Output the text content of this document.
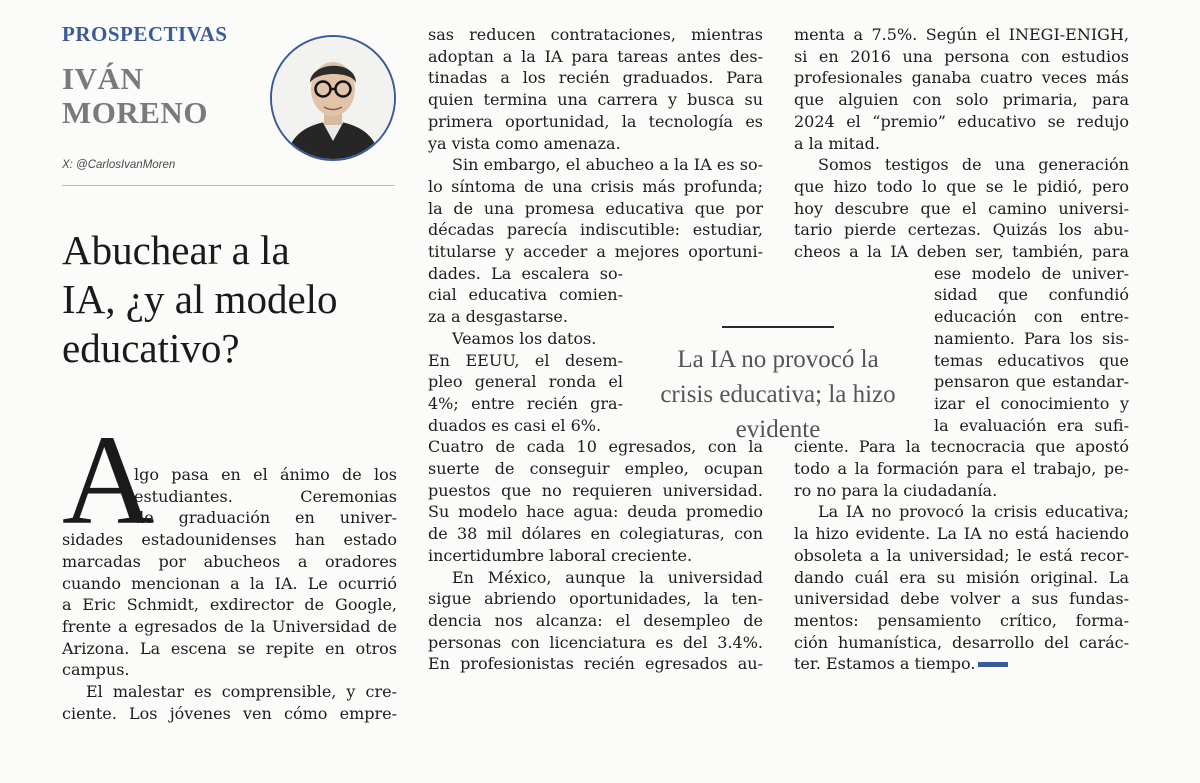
PROSPECTIVAS
IVÁN
MORENO
X: @CarlosIvanMoren
Abuchear a la
IA, ¿y al modelo
educativo?
A
lgo pasa en el ánimo de los
estudiantes. Ceremonias
de graduación en univer-
sidades estadounidenses han estado
marcadas por abucheos a oradores
cuando mencionan a la IA. Le ocurrió
a Eric Schmidt, exdirector de Google,
frente a egresados de la Universidad de
Arizona. La escena se repite en otros
campus.
El malestar es comprensible, y cre-
ciente. Los jóvenes ven cómo empre-
sas reducen contrataciones, mientras
adoptan a la IA para tareas antes des-
tinadas a los recién graduados. Para
quien termina una carrera y busca su
primera oportunidad, la tecnología es
ya vista como amenaza.
Sin embargo, el abucheo a la IA es so-
lo síntoma de una crisis más profunda;
la de una promesa educativa que por
décadas parecía indiscutible: estudiar,
titularse y acceder a mejores oportuni-
dades. La escalera so-
cial educativa comien-
za a desgastarse.
Veamos los datos.
En EEUU, el desem-
pleo general ronda el
4%; entre recién gra-
duados es casi el 6%.
Cuatro de cada 10 egresados, con la
suerte de conseguir empleo, ocupan
puestos que no requieren universidad.
Su modelo hace agua: deuda promedio
de 38 mil dólares en colegiaturas, con
incertidumbre laboral creciente.
En México, aunque la universidad
sigue abriendo oportunidades, la ten-
dencia nos alcanza: el desempleo de
personas con licenciatura es del 3.4%.
En profesionistas recién egresados au-
menta a 7.5%. Según el INEGI-ENIGH,
si en 2016 una persona con estudios
profesionales ganaba cuatro veces más
que alguien con solo primaria, para
2024 el “premio” educativo se redujo
a la mitad.
Somos testigos de una generación
que hizo todo lo que se le pidió, pero
hoy descubre que el camino universi-
tario pierde certezas. Quizás los abu-
cheos a la IA deben ser, también, para
ese modelo de univer-
sidad que confundió
educación con entre-
namiento. Para los sis-
temas educativos que
pensaron que estandar-
izar el conocimiento y
la evaluación era sufi-
ciente. Para la tecnocracia que apostó
todo a la formación para el trabajo, pe-
ro no para la ciudadanía.
La IA no provocó la crisis educativa;
la hizo evidente. La IA no está haciendo
obsoleta a la universidad; le está recor-
dando cuál era su misión original. La
universidad debe volver a sus fundas-
mentos: pensamiento crítico, forma-
ción humanística, desarrollo del carác-
ter. Estamos a tiempo.
La IA no provocó la
crisis educativa; la hizo
evidente
